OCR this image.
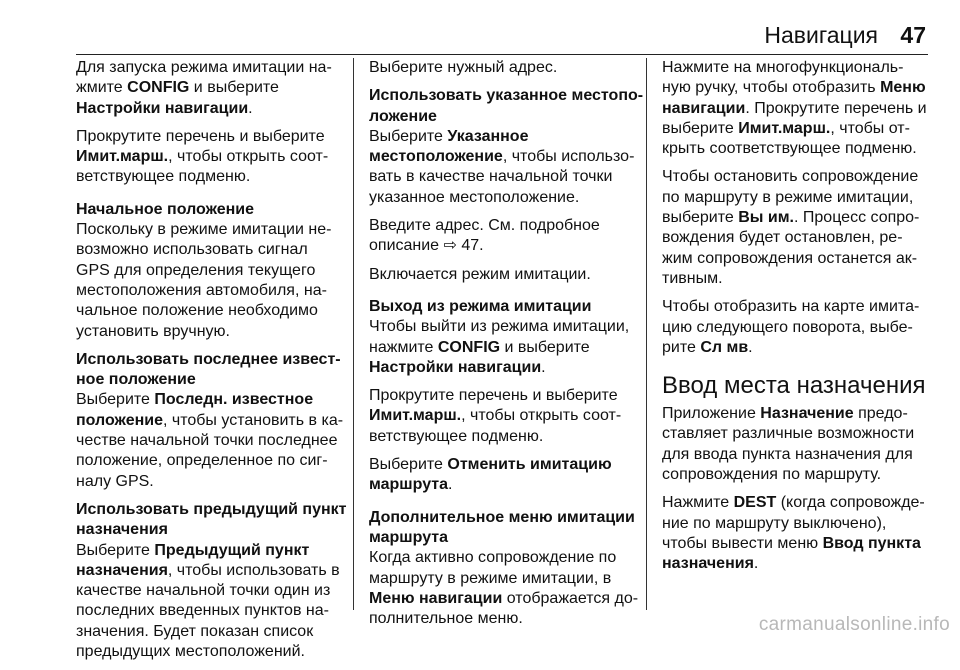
Навигация 47
Для запуска режима имитации на-
жмите CONFIG и выберите
Настройки навигации.
Прокрутите перечень и выберите
Имит.марш., чтобы открыть соот-
ветствующее подменю.
Начальное положение
Поскольку в режиме имитации не-
возможно использовать сигнал
GPS для определения текущего
местоположения автомобиля, на-
чальное положение необходимо
установить вручную.
Использовать последнее извест-
ное положение
Выберите Последн. известное
положение, чтобы установить в ка-
честве начальной точки последнее
положение, определенное по сиг-
налу GPS.
Использовать предыдущий пункт
назначения
Выберите Предыдущий пункт
назначения, чтобы использовать в
качестве начальной точки один из
последних введенных пунктов на-
значения. Будет показан список
предыдущих местоположений.
Выберите нужный адрес.
Использовать указанное местопо-
ложение
Выберите Указанное
местоположение, чтобы использо-
вать в качестве начальной точки
указанное местоположение.
Введите адрес. См. подробное
описание ⇨ 47.
Включается режим имитации.
Выход из режима имитации
Чтобы выйти из режима имитации,
нажмите CONFIG и выберите
Настройки навигации.
Прокрутите перечень и выберите
Имит.марш., чтобы открыть соот-
ветствующее подменю.
Выберите Отменить имитацию
маршрута.
Дополнительное меню имитации
маршрута
Когда активно сопровождение по
маршруту в режиме имитации, в
Меню навигации отображается до-
полнительное меню.
Нажмите на многофункциональ-
ную ручку, чтобы отобразить Меню
навигации. Прокрутите перечень и
выберите Имит.марш., чтобы от-
крыть соответствующее подменю.
Чтобы остановить сопровождение
по маршруту в режиме имитации,
выберите Вы им.. Процесс сопро-
вождения будет остановлен, ре-
жим сопровождения останется ак-
тивным.
Чтобы отобразить на карте имита-
цию следующего поворота, выбе-
рите Сл мв.
Ввод места назначения
Приложение Назначение предо-
ставляет различные возможности
для ввода пункта назначения для
сопровождения по маршруту.
Нажмите DEST (когда сопровожде-
ние по маршруту выключено),
чтобы вывести меню Ввод пункта
назначения.
carmanualsonline.info
